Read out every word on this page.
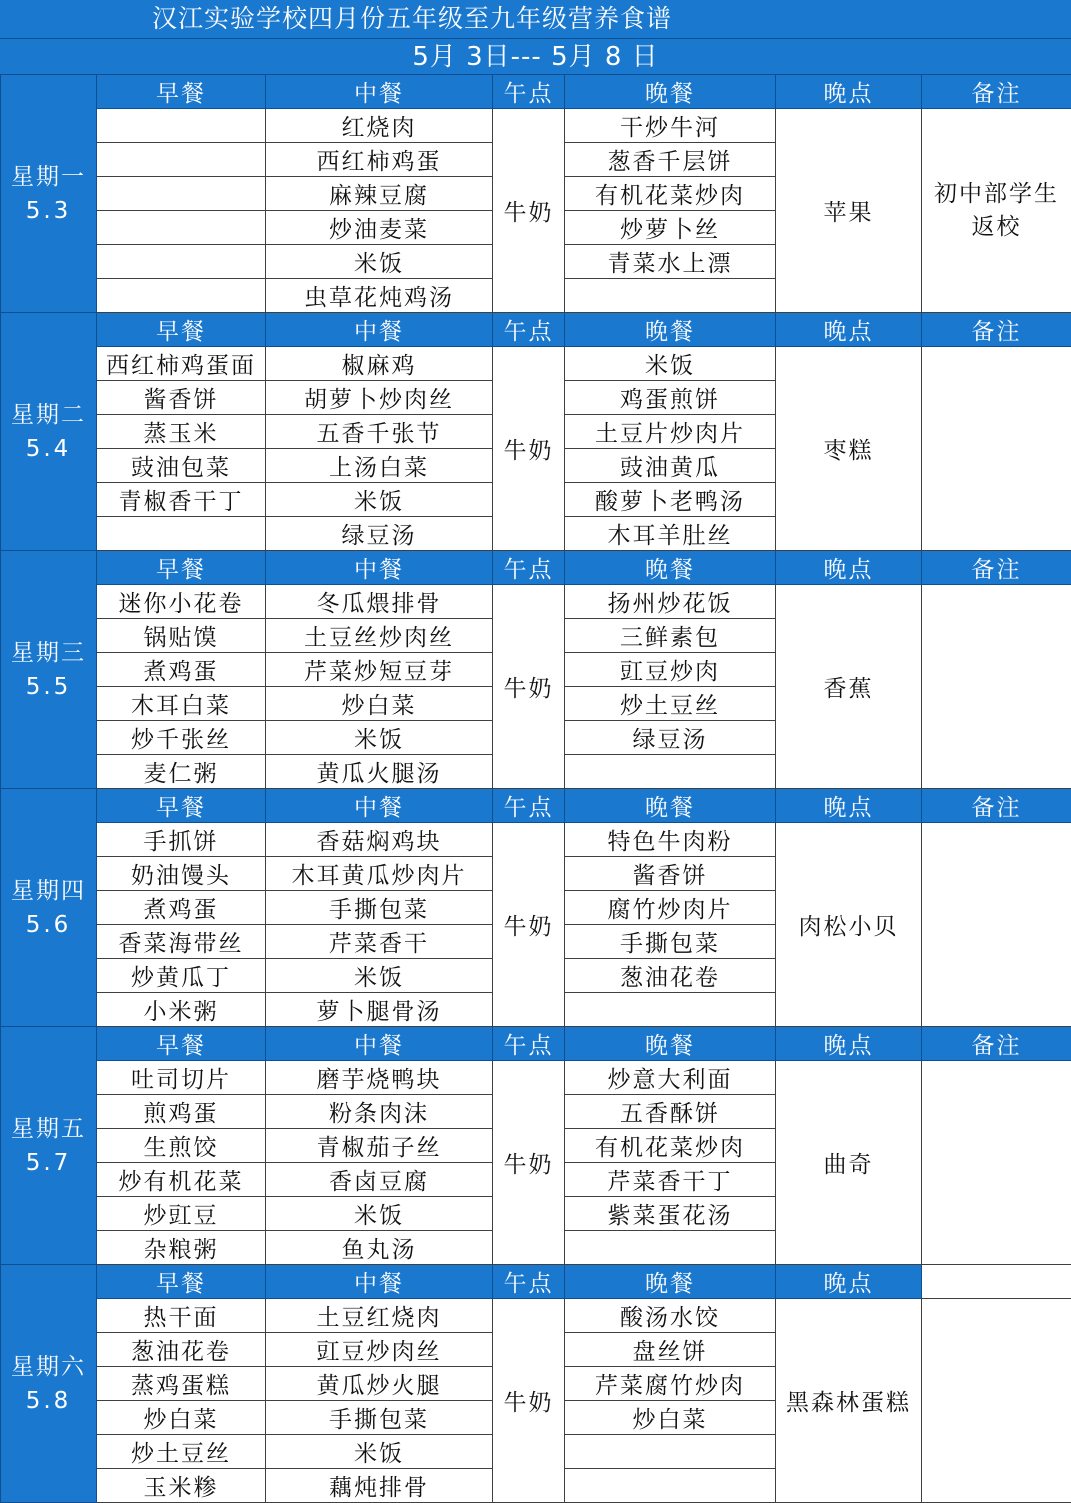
汉江实验学校四月份五年级至九年级营养食谱
5月 3日--- 5月 8 日
星期一
5.3	早餐	中餐	午点	晚餐	晚点	备注
		红烧肉	牛奶	干炒牛河	苹果	初中部学生返校
		西红柿鸡蛋		葱香千层饼		
		麻辣豆腐		有机花菜炒肉		
		炒油麦菜		炒萝卜丝		
		米饭		青菜水上漂		
		虫草花炖鸡汤				

星期二
5.4	早餐	中餐	午点	晚餐	晚点	备注
	西红柿鸡蛋面	椒麻鸡	牛奶	米饭	枣糕	
	酱香饼	胡萝卜炒肉丝		鸡蛋煎饼		
	蒸玉米	五香千张节		土豆片炒肉片		
	豉油包菜	上汤白菜		豉油黄瓜		
	青椒香干丁	米饭		酸萝卜老鸭汤		
		绿豆汤		木耳羊肚丝		

星期三
5.5	早餐	中餐	午点	晚餐	晚点	备注
	迷你小花卷	冬瓜煨排骨	牛奶	扬州炒花饭	香蕉	
	锅贴馍	土豆丝炒肉丝		三鲜素包		
	煮鸡蛋	芹菜炒短豆芽		豇豆炒肉		
	木耳白菜	炒白菜		炒土豆丝		
	炒千张丝	米饭		绿豆汤		
	麦仁粥	黄瓜火腿汤				

星期四
5.6	早餐	中餐	午点	晚餐	晚点	备注
	手抓饼	香菇焖鸡块	牛奶	特色牛肉粉	肉松小贝	
	奶油馒头	木耳黄瓜炒肉片		酱香饼		
	煮鸡蛋	手撕包菜		腐竹炒肉片		
	香菜海带丝	芹菜香干		手撕包菜		
	炒黄瓜丁	米饭		葱油花卷		
	小米粥	萝卜腿骨汤				

星期五
5.7	早餐	中餐	午点	晚餐	晚点	备注
	吐司切片	磨芋烧鸭块	牛奶	炒意大利面	曲奇	
	煎鸡蛋	粉条肉沫		五香酥饼		
	生煎饺	青椒茄子丝		有机花菜炒肉		
	炒有机花菜	香卤豆腐		芹菜香干丁		
	炒豇豆	米饭		紫菜蛋花汤		
	杂粮粥	鱼丸汤				

星期六
5.8	早餐	中餐	午点	晚餐	晚点	
	热干面	土豆红烧肉	牛奶	酸汤水饺	黑森林蛋糕	
	葱油花卷	豇豆炒肉丝		盘丝饼		
	蒸鸡蛋糕	黄瓜炒火腿		芹菜腐竹炒肉		
	炒白菜	手撕包菜		炒白菜		
	炒土豆丝	米饭				
	玉米糁	藕炖排骨				
